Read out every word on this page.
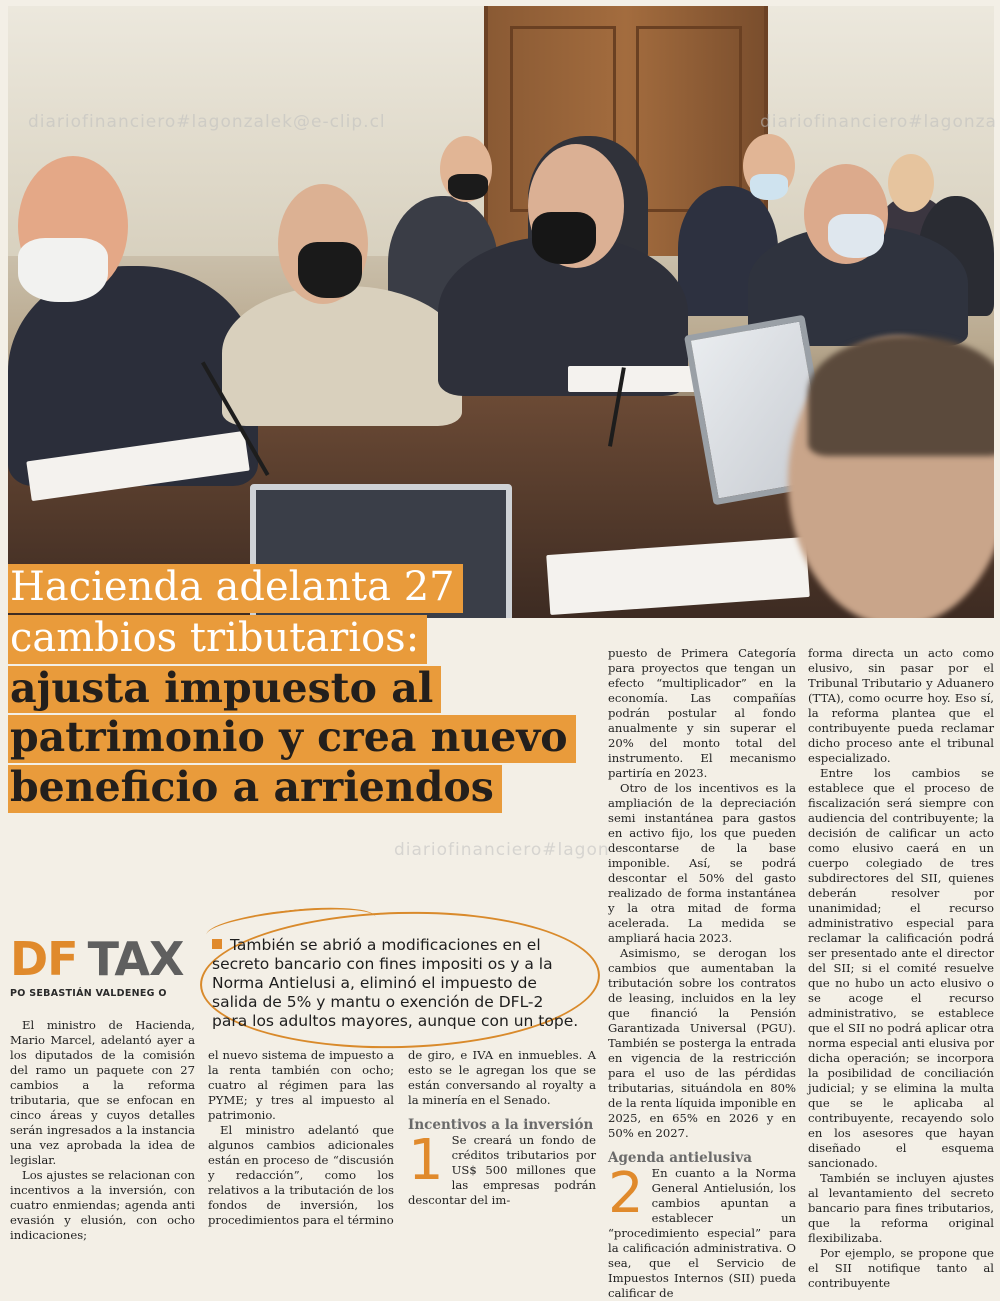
diariofinanciero#lagonzalek@e-clip.cl	diariofinanciero#lagonza
diariofinanciero#lagon
Hacienda adelanta 27
cambios tributarios:
ajusta impuesto al
patrimonio y crea nuevo
beneficio a arriendos
DF TAX
PO SEBASTIÁN VALDENEG O
También se abrió a modificaciones en el secreto bancario con fines impositi os y a la Norma Antielusi a, eliminó el impuesto de salida de 5% y mantu o exención de DFL-2 para los adultos mayores, aunque con un tope.

El ministro de Hacienda, Mario Marcel, adelantó ayer a los diputados de la comisión del ramo un paquete con 27 cambios a la reforma tributaria, que se enfocan en cinco áreas y cuyos detalles serán ingresados a la instancia una vez aprobada la idea de legislar.

Los ajustes se relacionan con incentivos a la inversión, con cuatro enmiendas; agenda anti evasión y elusión, con ocho indicaciones;

el nuevo sistema de impuesto a la renta también con ocho; cuatro al régimen para las PYME; y tres al impuesto al patrimonio.

El ministro adelantó que algunos cambios adicionales están en proceso de “discusión y redacción”, como los relativos a la tributación de los fondos de inversión, los procedimientos para el término

de giro, e IVA en inmuebles. A esto se le agregan los que se están conversando al royalty a la minería en el Senado.

Incentivos a la inversión

1 Se creará un fondo de créditos tributarios por US$ 500 millones que las empresas podrán descontar del im-

puesto de Primera Categoría para proyectos que tengan un efecto “multiplicador” en la economía. Las compañías podrán postular al fondo anualmente y sin superar el 20% del monto total del instrumento. El mecanismo partiría en 2023.

Otro de los incentivos es la ampliación de la depreciación semi instantánea para gastos en activo fijo, los que pueden descontarse de la base imponible. Así, se podrá descontar el 50% del gasto realizado de forma instantánea y la otra mitad de forma acelerada. La medida se ampliará hacia 2023.

Asimismo, se derogan los cambios que aumentaban la tributación sobre los contratos de leasing, incluidos en la ley que financió la Pensión Garantizada Universal (PGU). También se posterga la entrada en vigencia de la restricción para el uso de las pérdidas tributarias, situándola en 80% de la renta líquida imponible en 2025, en 65% en 2026 y en 50% en 2027.

Agenda antielusiva

2 En cuanto a la Norma General Antielusión, los cambios apuntan a establecer un “procedimiento especial” para la calificación administrativa. O sea, que el Servicio de Impuestos Internos (SII) pueda calificar de

forma directa un acto como elusivo, sin pasar por el Tribunal Tributario y Aduanero (TTA), como ocurre hoy. Eso sí, la reforma plantea que el contribuyente pueda reclamar dicho proceso ante el tribunal especializado.

Entre los cambios se establece que el proceso de fiscalización será siempre con audiencia del contribuyente; la decisión de calificar un acto como elusivo caerá en un cuerpo colegiado de tres subdirectores del SII, quienes deberán resolver por unanimidad; el recurso administrativo especial para reclamar la calificación podrá ser presentado ante el director del SII; si el comité resuelve que no hubo un acto elusivo o se acoge el recurso administrativo, se establece que el SII no podrá aplicar otra norma especial anti elusiva por dicha operación; se incorpora la posibilidad de conciliación judicial; y se elimina la multa que se le aplicaba al contribuyente, recayendo solo en los asesores que hayan diseñado el esquema sancionado.

También se incluyen ajustes al levantamiento del secreto bancario para fines tributarios, que la reforma original flexibilizaba.

Por ejemplo, se propone que el SII notifique tanto al contribuyente
